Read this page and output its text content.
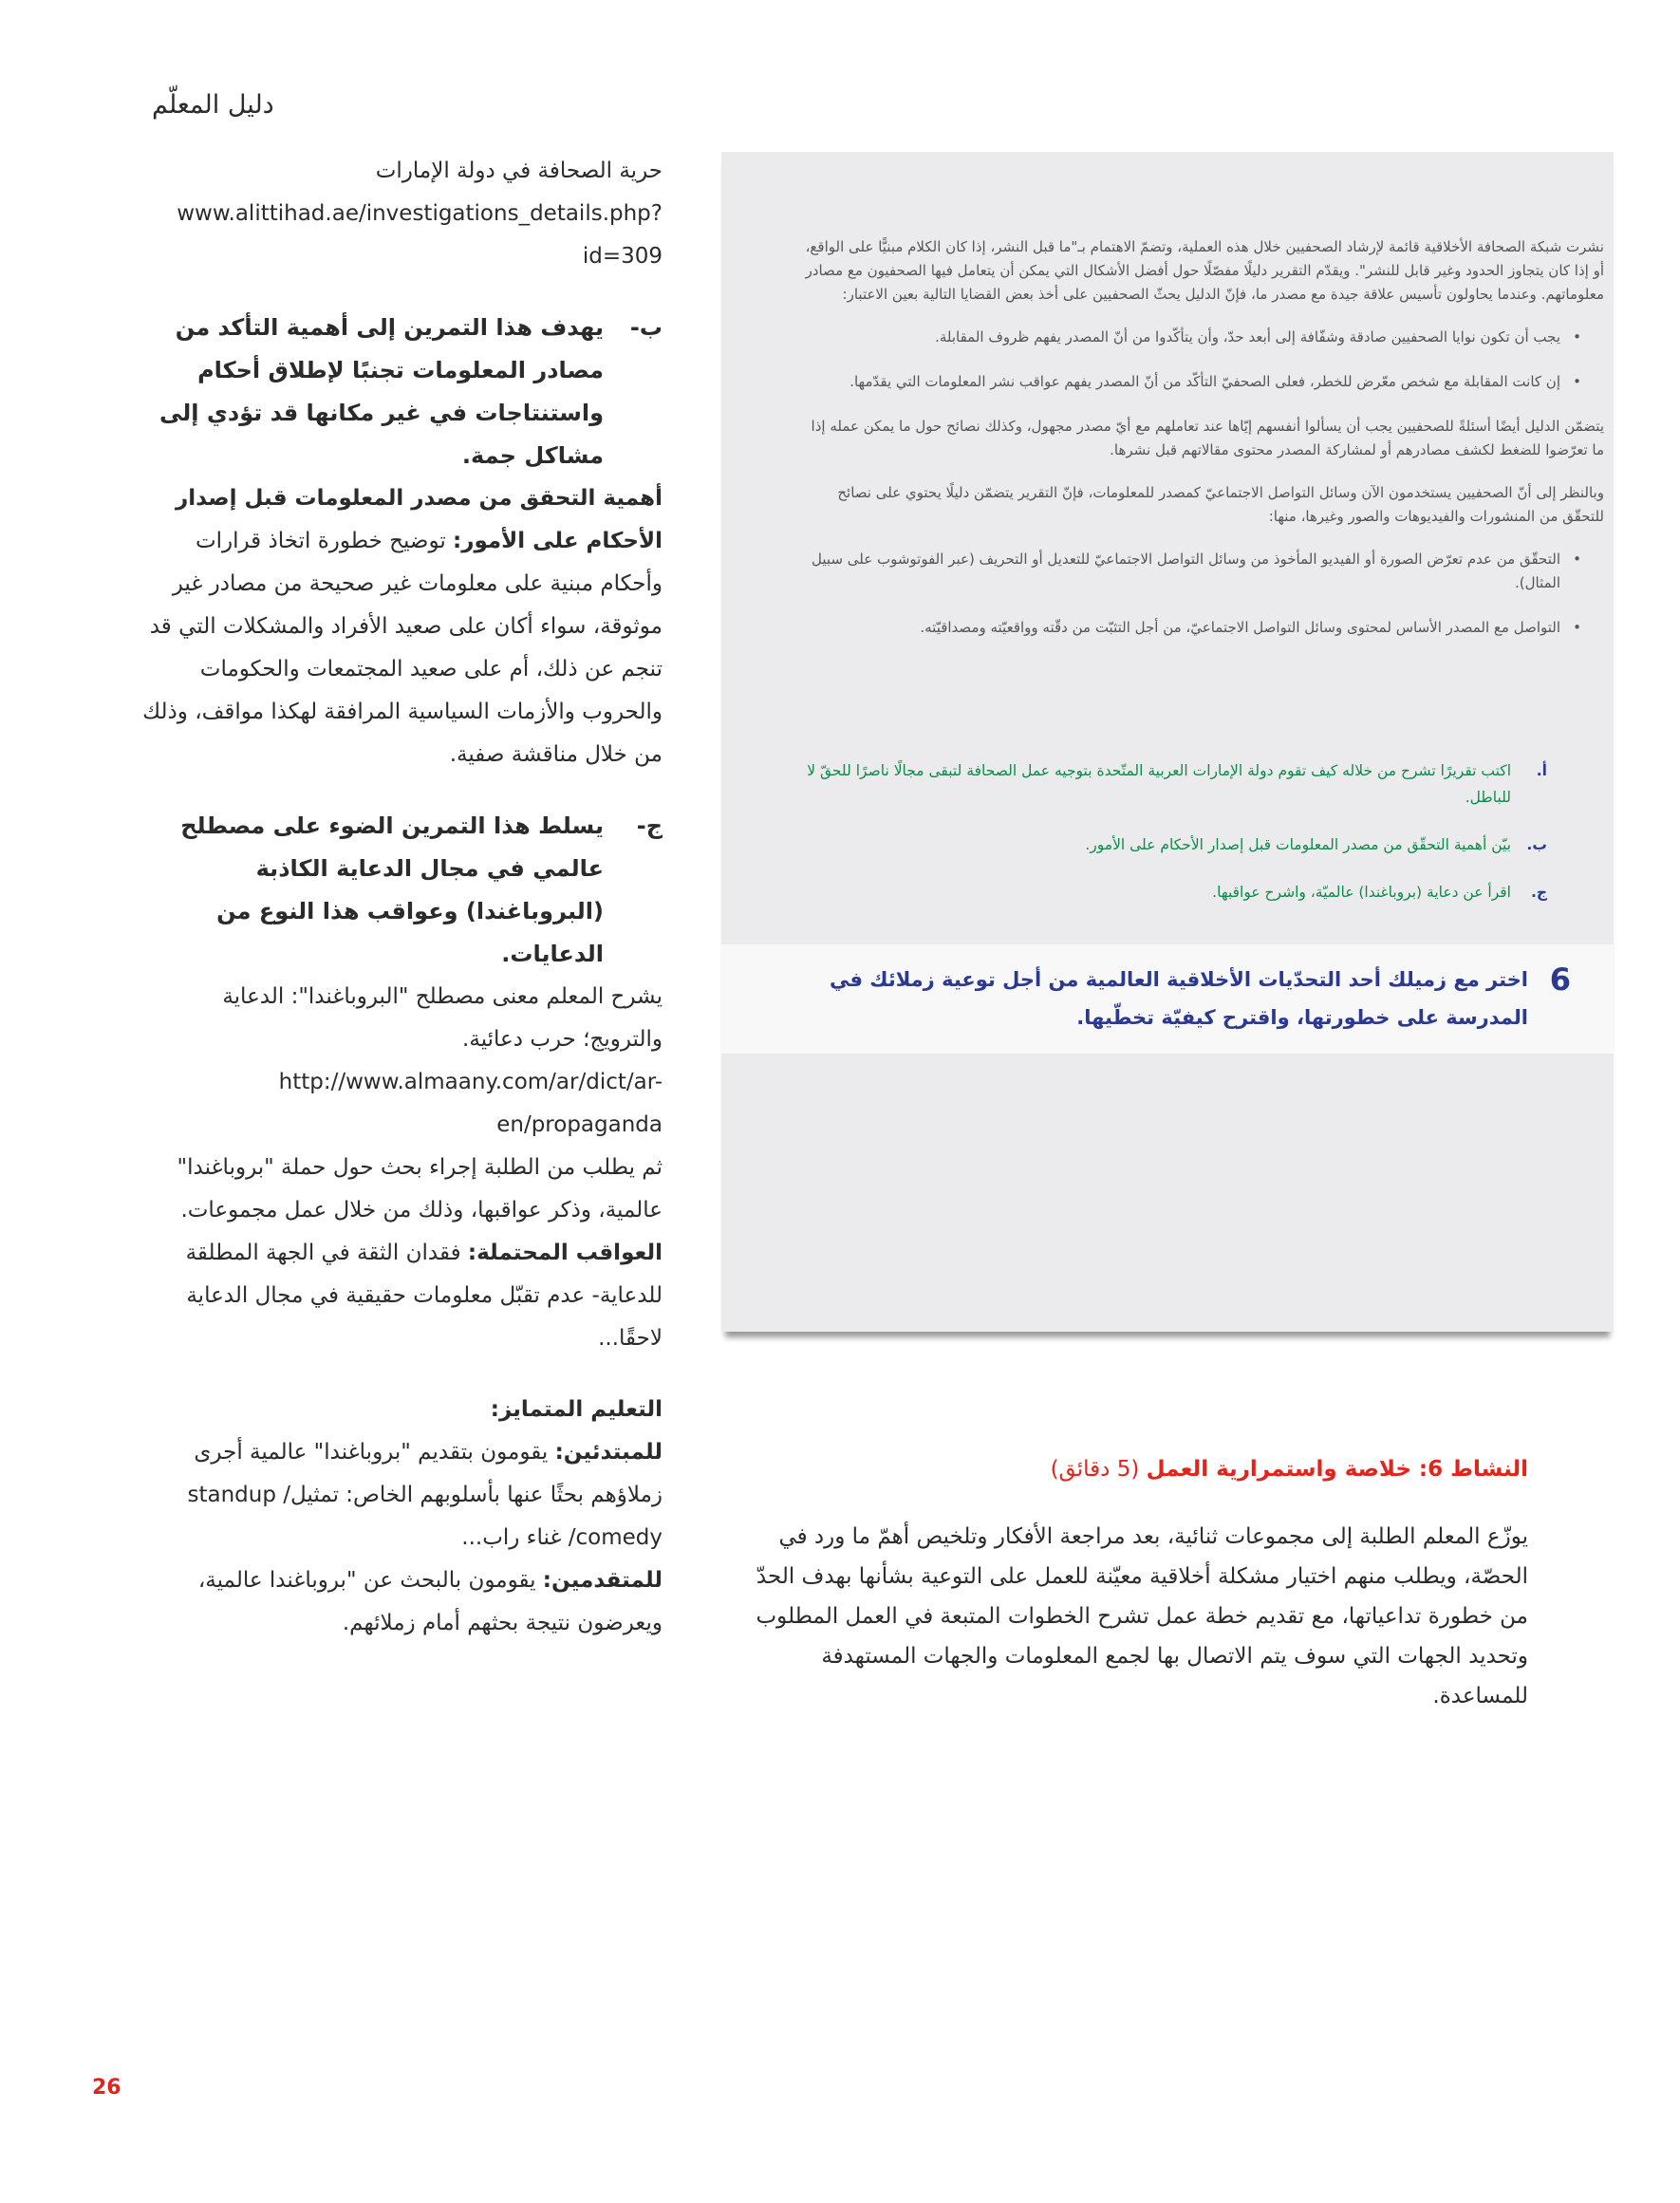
دليل المعلّم

حرية الصحافة في دولة الإمارات

www.alittihad.ae/investigations_details.php?id=309

ب-
يهدف هذا التمرين إلى أهمية التأكد من مصادر المعلومات تجنبًا لإطلاق أحكام واستنتاجات في غير مكانها قد تؤدي إلى مشاكل جمة.

أهمية التحقق من مصدر المعلومات قبل إصدار الأحكام على الأمور: توضيح خطورة اتخاذ قرارات وأحكام مبنية على معلومات غير صحيحة من مصادر غير موثوقة، سواء أكان على صعيد الأفراد والمشكلات التي قد تنجم عن ذلك، أم على صعيد المجتمعات والحكومات والحروب والأزمات السياسية المرافقة لهكذا مواقف، وذلك من خلال مناقشة صفية.

ج-
يسلط هذا التمرين الضوء على مصطلح عالمي في مجال الدعاية الكاذبة (البروباغندا) وعواقب هذا النوع من الدعايات.

يشرح المعلم معنى مصطلح "البروباغندا": الدعاية والترويج؛ حرب دعائية.

http://www.almaany.com/ar/dict/ar-en/propaganda

ثم يطلب من الطلبة إجراء بحث حول حملة "بروباغندا" عالمية، وذكر عواقبها، وذلك من خلال عمل مجموعات.

العواقب المحتملة: فقدان الثقة في الجهة المطلقة للدعاية- عدم تقبّل معلومات حقيقية في مجال الدعاية لاحقًا...

التعليم المتمايز:

للمبتدئين: يقومون بتقديم "بروباغندا" عالمية أجرى زملاؤهم بحثًا عنها بأسلوبهم الخاص: تمثيل/ standup comedy/ غناء راب...

للمتقدمين: يقومون بالبحث عن "بروباغندا عالمية، ويعرضون نتيجة بحثهم أمام زملائهم.

نشرت شبكة الصحافة الأخلاقية قائمة لإرشاد الصحفيين خلال هذه العملية، وتضمّ الاهتمام بـ"ما قبل النشر، إذا كان الكلام مبنيًّا على الواقع، أو إذا كان يتجاوز الحدود وغير قابل للنشر". ويقدّم التقرير دليلًا مفصّلًا حول أفضل الأشكال التي يمكن أن يتعامل فيها الصحفيون مع مصادر معلوماتهم. وعندما يحاولون تأسيس علاقة جيدة مع مصدر ما، فإنّ الدليل يحثّ الصحفيين على أخذ بعض القضايا التالية بعين الاعتبار:

•
يجب أن تكون نوايا الصحفيين صادقة وشفّافة إلى أبعد حدّ، وأن يتأكّدوا من أنّ المصدر يفهم ظروف المقابلة.
•
إن كانت المقابلة مع شخص معّرض للخطر، فعلى الصحفيّ التأكّد من أنّ المصدر يفهم عواقب نشر المعلومات التي يقدّمها.

يتضمّن الدليل أيضًا أسئلةً للصحفيين يجب أن يسألوا أنفسهم إيّاها عند تعاملهم مع أيّ مصدر مجهول، وكذلك نصائح حول ما يمكن عمله إذا ما تعرّضوا للضغط لكشف مصادرهم أو لمشاركة المصدر محتوى مقالاتهم قبل نشرها.

وبالنظر إلى أنّ الصحفيين يستخدمون الآن وسائل التواصل الاجتماعيّ كمصدر للمعلومات، فإنّ التقرير يتضمّن دليلًا يحتوي على نصائح للتحقّق من المنشورات والفيديوهات والصور وغيرها، منها:

•
التحقّق من عدم تعرّض الصورة أو الفيديو المأخوذ من وسائل التواصل الاجتماعيّ للتعديل أو التحريف (عبر الفوتوشوب على سبيل المثال).
•
التواصل مع المصدر الأساس لمحتوى وسائل التواصل الاجتماعيّ، من أجل التثبّت من دقّته وواقعيّته ومصداقيّته.
أ.
اكتب تقريرًا تشرح من خلاله كيف تقوم دولة الإمارات العربية المتّحدة بتوجيه عمل الصحافة لتبقى مجالًا ناصرًا للحقّ لا للباطل.
ب.
بيّن أهمية التحقّق من مصدر المعلومات قبل إصدار الأحكام على الأمور.
ج.
اقرأ عن دعاية (بروباغندا) عالميّة، واشرح عواقبها.
6
اختر مع زميلك أحد التحدّيات الأخلاقية العالمية من أجل توعية زملائك في المدرسة على خطورتها، واقترح كيفيّة تخطّيها.
النشاط 6: خلاصة واستمرارية العمل (5 دقائق)
يوزّع المعلم الطلبة إلى مجموعات ثنائية، بعد مراجعة الأفكار وتلخيص أهمّ ما ورد في الحصّة، ويطلب منهم اختيار مشكلة أخلاقية معيّنة للعمل على التوعية بشأنها بهدف الحدّ من خطورة تداعياتها، مع تقديم خطة عمل تشرح الخطوات المتبعة في العمل المطلوب وتحديد الجهات التي سوف يتم الاتصال بها لجمع المعلومات والجهات المستهدفة للمساعدة.
26
